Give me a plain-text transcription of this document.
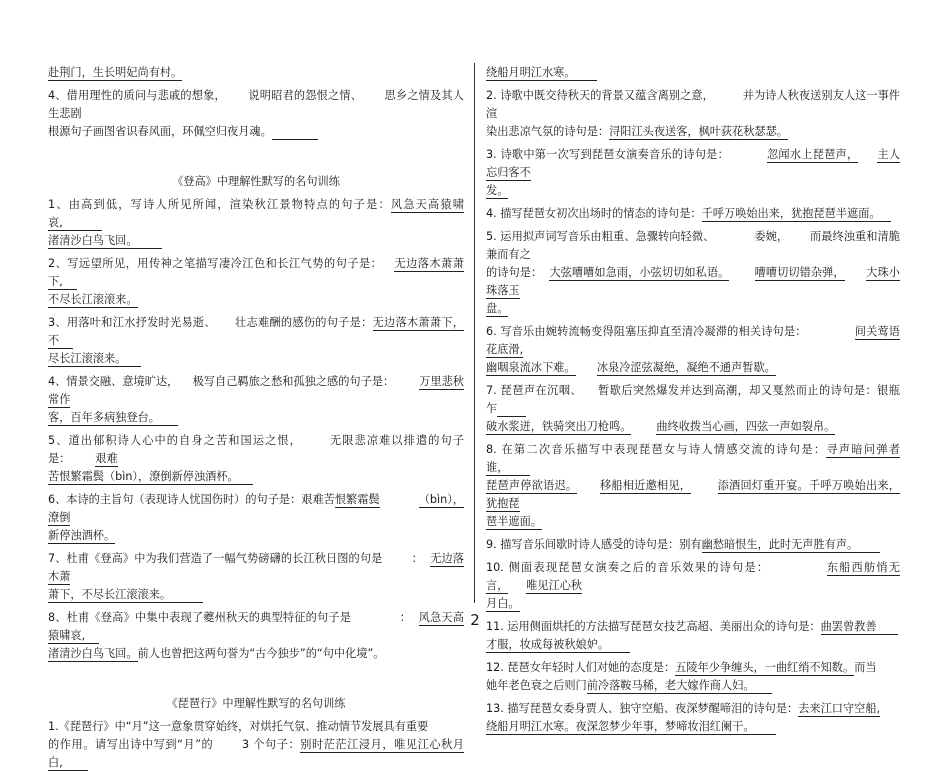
赴荆门，生长明妃尚有村。

4、借用理性的质问与悲戚的想象， 说明昭君的怨恨之情、 思乡之情及其人生悲剧
根源句子画图省识春风面，环佩空归夜月魂。

《登高》中理解性默写的名句训练

1、由高到低，写诗人所见所闻，渲染秋江景物特点的句子是：风急天高猿啸哀,
渚清沙白鸟飞回。

2、写远望所见，用传神之笔描写凄冷江色和长江气势的句子是： 无边落木萧萧下,
不尽长江滚滚来。

3、用落叶和江水抒发时光易逝、 壮志难酬的感伤的句子是：无边落木萧萧下，不
尽长江滚滚来。

4、情景交融、意境旷达， 极写自己羁旅之愁和孤独之感的句子是： 万里悲秋常作
客，百年多病独登台。

5、道出郁积诗人心中的自身之苦和国运之恨， 无限悲凉难以排遣的句子是： 艰难
苦恨繁霜鬓（bìn），潦倒新停浊酒杯。

6、本诗的主旨句（表现诗人忧国伤时）的句子是：艰难苦恨繁霜鬓	（bìn），潦倒
新停浊酒杯。

7、杜甫《登高》中为我们营造了一幅气势磅礴的长江秋日图的句是	： 无边落木萧
萧下，不尽长江滚滚来。

8、杜甫《登高》中集中表现了夔州秋天的典型特征的句子是	： 风急天高猿啸哀,
渚清沙白鸟飞回。前人也曾把这两句誉为“古今独步”的“句中化境”。

《琵琶行》中理解性默写的名句训练

1.《琵琶行》中“月”这一意象贯穿始终，对烘托气氛、推动情节发展具有重要
的作用。请写出诗中写到“月”的	3 个句子：别时茫茫江浸月，唯见江心秋月白,

绕船月明江水寒。

2. 诗歌中既交待秋天的背景又蕴含离别之意，	并为诗人秋夜送别友人这一事件渲
染出悲凉气氛的诗句是：浔阳江头夜送客，枫叶荻花秋瑟瑟。

3. 诗歌中第一次写到琵琶女演奏音乐的诗句是：	忽闻水上琵琶声， 主人忘归客不
发。

4. 描写琵琶女初次出场时的情态的诗句是：千呼万唤始出来，犹抱琵琶半遮面。

5. 运用拟声词写音乐由粗重、急骤转向轻微、	委婉， 而最终浊重和清脆兼而有之
的诗句是： 大弦嘈嘈如急雨，小弦切切如私语。 嘈嘈切切错杂弹， 大珠小珠落玉
盘。

6. 写音乐由婉转流畅变得阻塞压抑直至清冷凝滞的相关诗句是：	间关莺语花底滑,
幽咽泉流冰下难。 冰泉冷涩弦凝绝，凝绝不通声暂歇。

7. 琵琶声在沉咽、 暂歇后突然爆发并达到高潮，却又戛然而止的诗句是：银瓶乍
破水浆迸，铁骑突出刀枪鸣。 曲终收拨当心画，四弦一声如裂帛。

8. 在第二次音乐描写中表现琵琶女与诗人情感交流的诗句是：寻声暗问弹者谁，
琵琶声停欲语迟。 移船相近邀相见， 添酒回灯重开宴。千呼万唤始出来，犹抱琵
琶半遮面。

9. 描写音乐间歇时诗人感受的诗句是：别有幽愁暗恨生，此时无声胜有声。

10. 侧面表现琵琶女演奏之后的音乐效果的诗句是：	东船西舫悄无言， 唯见江心秋
月白。

11. 运用侧面烘托的方法描写琵琶女技艺高超、美丽出众的诗句是：曲罢曾教善
才服，妆成每被秋娘妒。

12. 琵琶女年轻时人们对她的态度是：五陵年少争缠头，一曲红绡不知数。而当
她年老色衰之后则门前冷落鞍马稀，老大嫁作商人妇。

13. 描写琵琶女委身贾人、独守空船、夜深梦醒啼泪的诗句是：去来江口守空船,
绕船月明江水寒。夜深忽梦少年事，梦啼妆泪红阑干。

2
